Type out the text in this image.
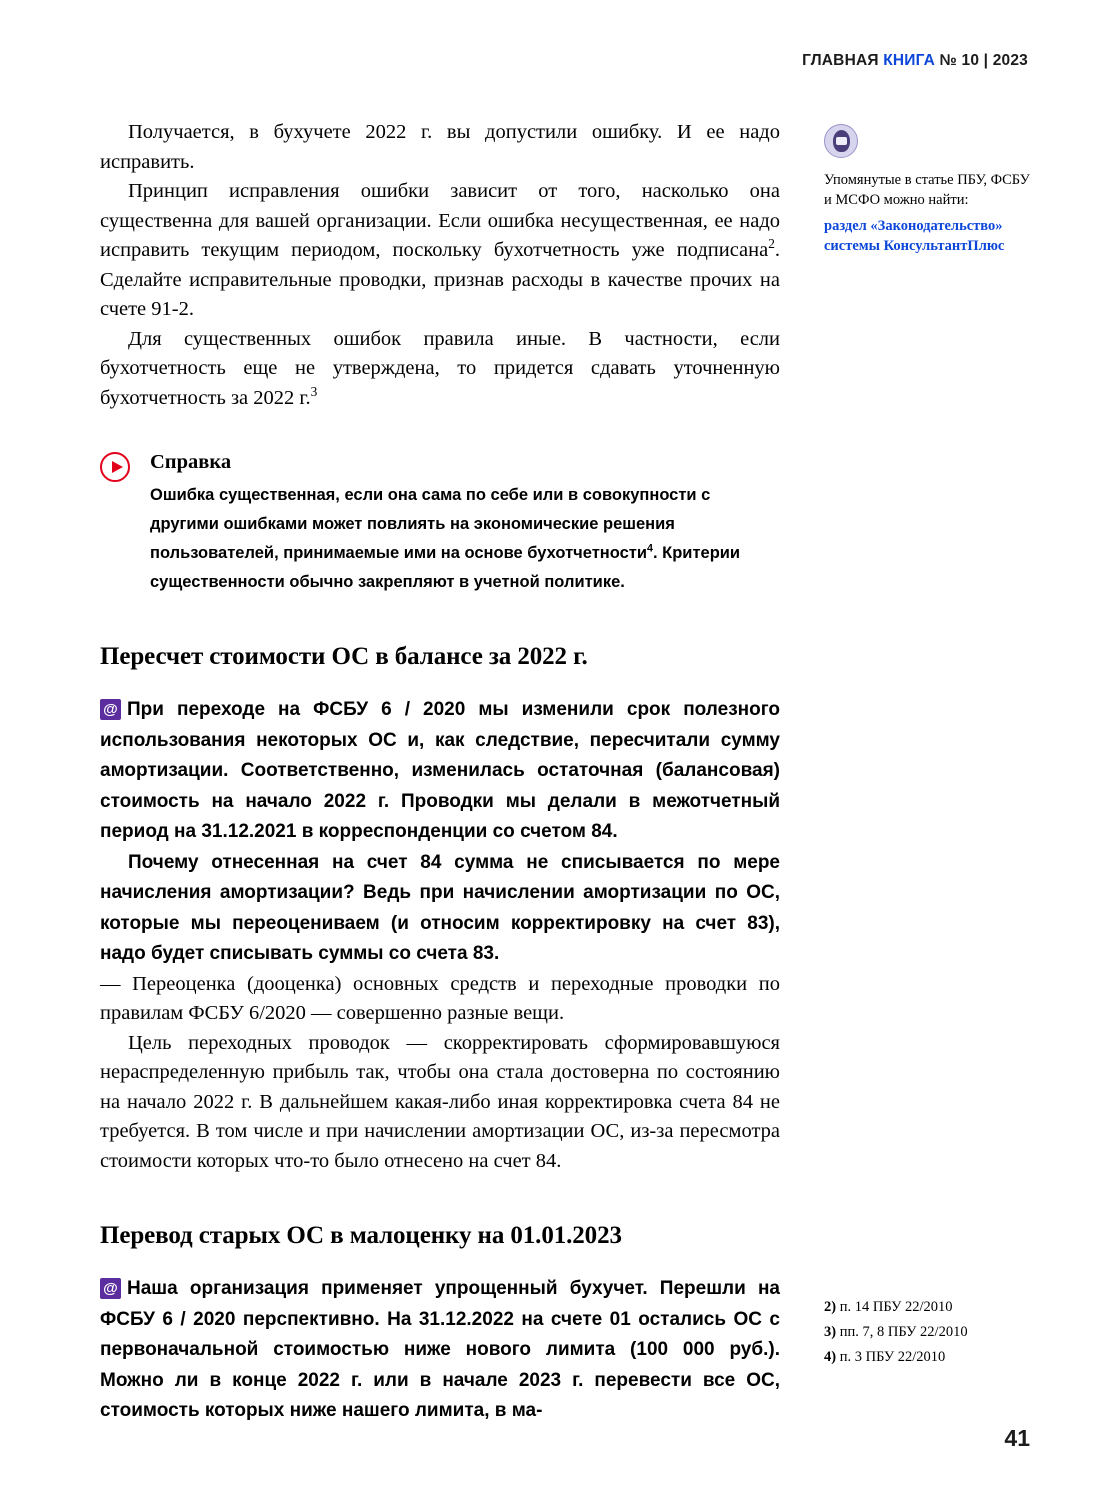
ГЛАВНАЯ КНИГА № 10 | 2023

Получается, в бухучете 2022 г. вы допустили ошибку. И ее надо исправить.

Принцип исправления ошибки зависит от того, насколько она существенна для вашей организации. Если ошибка несущественная, ее надо исправить текущим периодом, поскольку бухотчетность уже подписана$^2$. Сделайте исправительные проводки, признав расходы в качестве прочих на счете 91-2.

Для существенных ошибок правила иные. В частности, если бухотчетность еще не утверждена, то придется сдавать уточненную бухотчетность за 2022 г.$^3$

Справка

Ошибка существенная, если она сама по себе или в совокупности с другими ошибками может повлиять на экономические решения пользователей, принимаемые ими на основе бухотчетности$^4$. Критерии существенности обычно закрепляют в учетной политике.

Пересчет стоимости ОС в балансе за 2022 г.

@ При переходе на ФСБУ 6 / 2020 мы изменили срок полезного использования некоторых ОС и, как следствие, пересчитали сумму амортизации. Соответственно, изменилась остаточная (балансовая) стоимость на начало 2022 г. Проводки мы делали в межотчетный период на 31.12.2021 в корреспонденции со счетом 84.

Почему отнесенная на счет 84 сумма не списывается по мере начисления амортизации? Ведь при начислении амортизации по ОС, которые мы переоцениваем (и относим корректировку на счет 83), надо будет списывать суммы со счета 83.

— Переоценка (дооценка) основных средств и переходные проводки по правилам ФСБУ 6/2020 — совершенно разные вещи.

Цель переходных проводок — скорректировать сформировавшуюся нераспределенную прибыль так, чтобы она стала достоверна по состоянию на начало 2022 г. В дальнейшем какая-либо иная корректировка счета 84 не требуется. В том числе и при начислении амортизации ОС, из-за пересмотра стоимости которых что-то было отнесено на счет 84.

Перевод старых ОС в малоценку на 01.01.2023

@ Наша организация применяет упрощенный бухучет. Перешли на ФСБУ 6 / 2020 перспективно. На 31.12.2022 на счете 01 остались ОС с первоначальной стоимостью ниже нового лимита (100 000 руб.). Можно ли в конце 2022 г. или в начале 2023 г. перевести все ОС, стоимость которых ниже нашего лимита, в ма-

Упомянутые в статье ПБУ, ФСБУ и МСФО можно найти:

раздел «Законодательство»
системы КонсультантПлюс

2) п. 14 ПБУ 22/2010

3) пп. 7, 8 ПБУ 22/2010

4) п. 3 ПБУ 22/2010

41
